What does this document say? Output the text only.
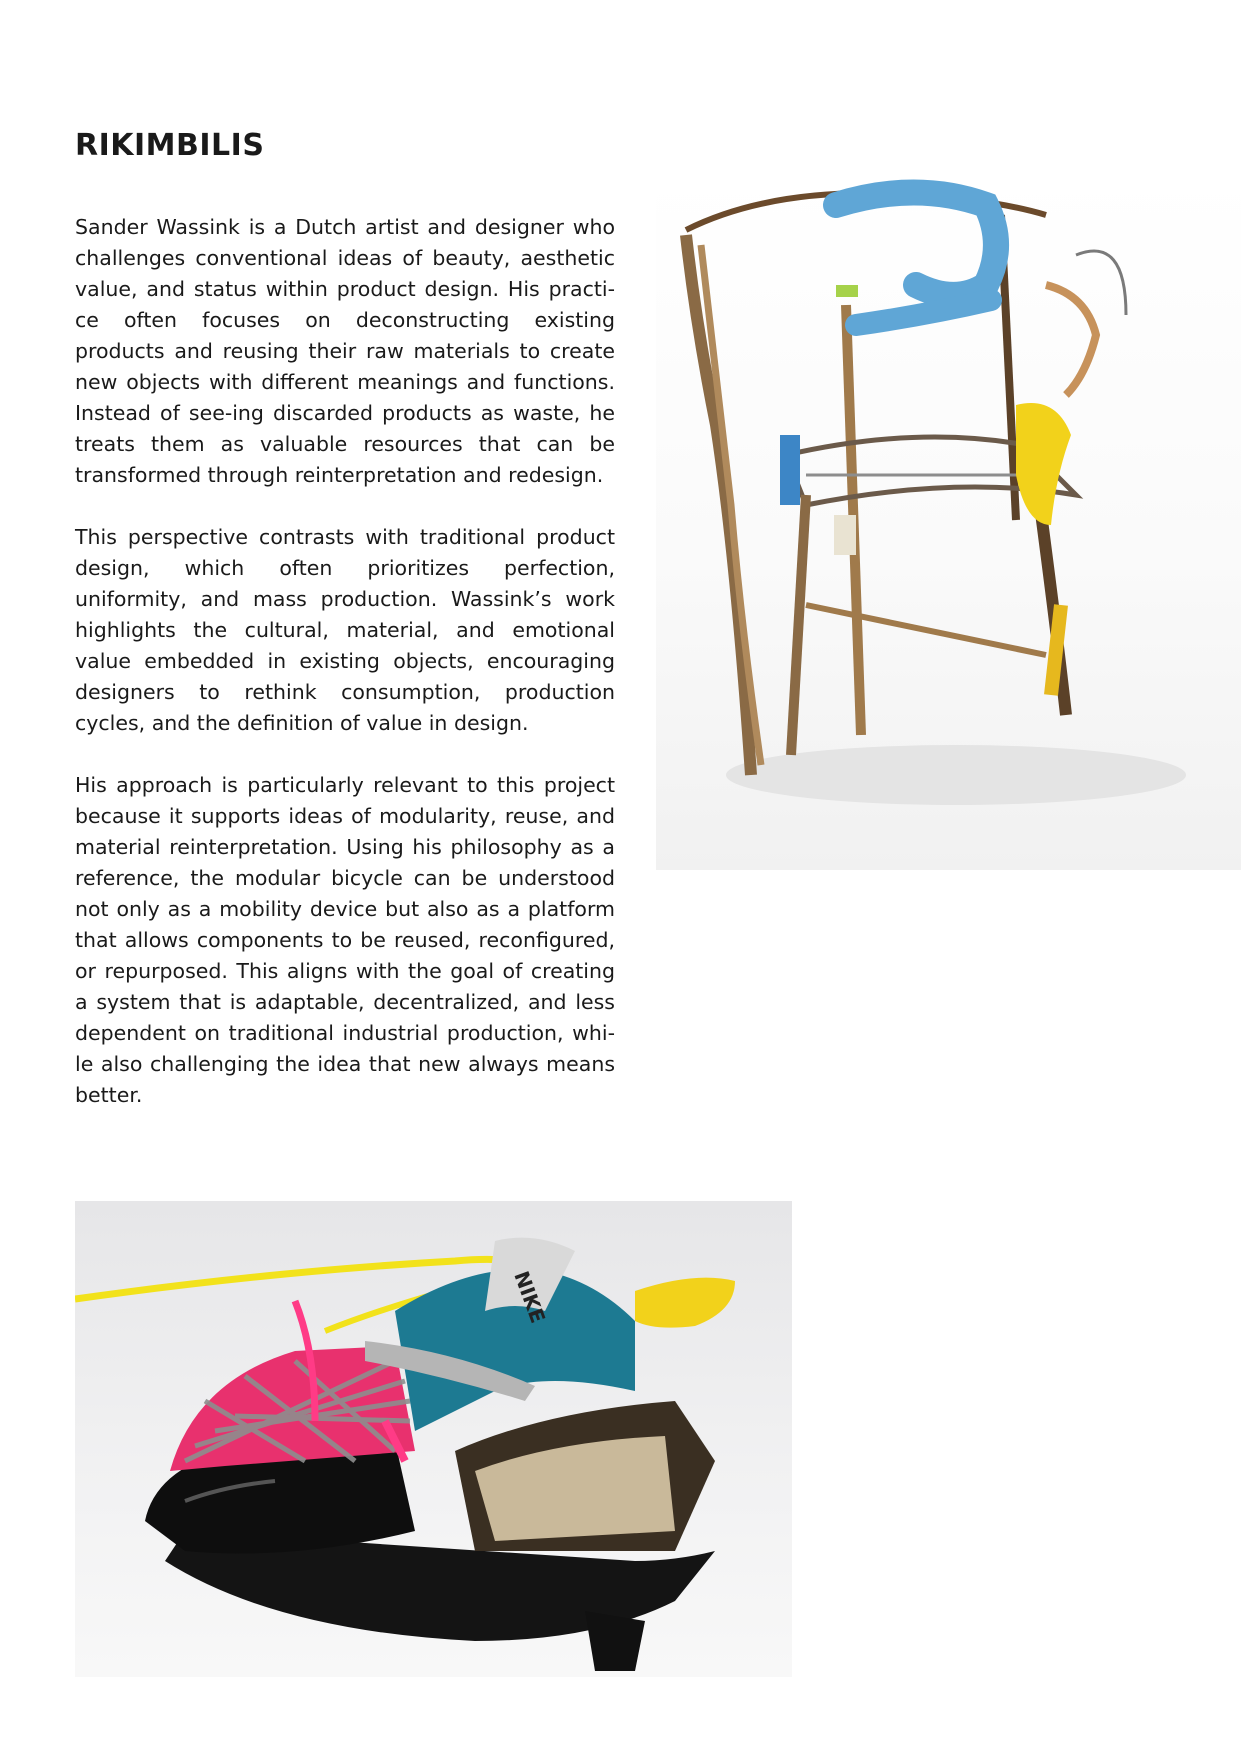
RIKIMBILIS

Sander Wassink is a Dutch artist and designer who challenges conventional ideas of beauty, aesthetic value, and status within product design. His practi-ce often focuses on deconstructing existing products and reusing their raw materials to create new objects with different meanings and functions. Instead of see-ing discarded products as waste, he treats them as valuable resources that can be transformed through reinterpretation and redesign.

This perspective contrasts with traditional product design, which often prioritizes perfection, uniformity, and mass production. Wassink’s work highlights the cultural, material, and emotional value embedded in existing objects, encouraging designers to rethink consumption, production cycles, and the definition of value in design.

His approach is particularly relevant to this project because it supports ideas of modularity, reuse, and material reinterpretation. Using his philosophy as a reference, the modular bicycle can be understood not only as a mobility device but also as a platform that allows components to be reused, reconfigured, or repurposed. This aligns with the goal of creating a system that is adaptable, decentralized, and less dependent on traditional industrial production, whi-le also challenging the idea that new always means better.

NIKE
